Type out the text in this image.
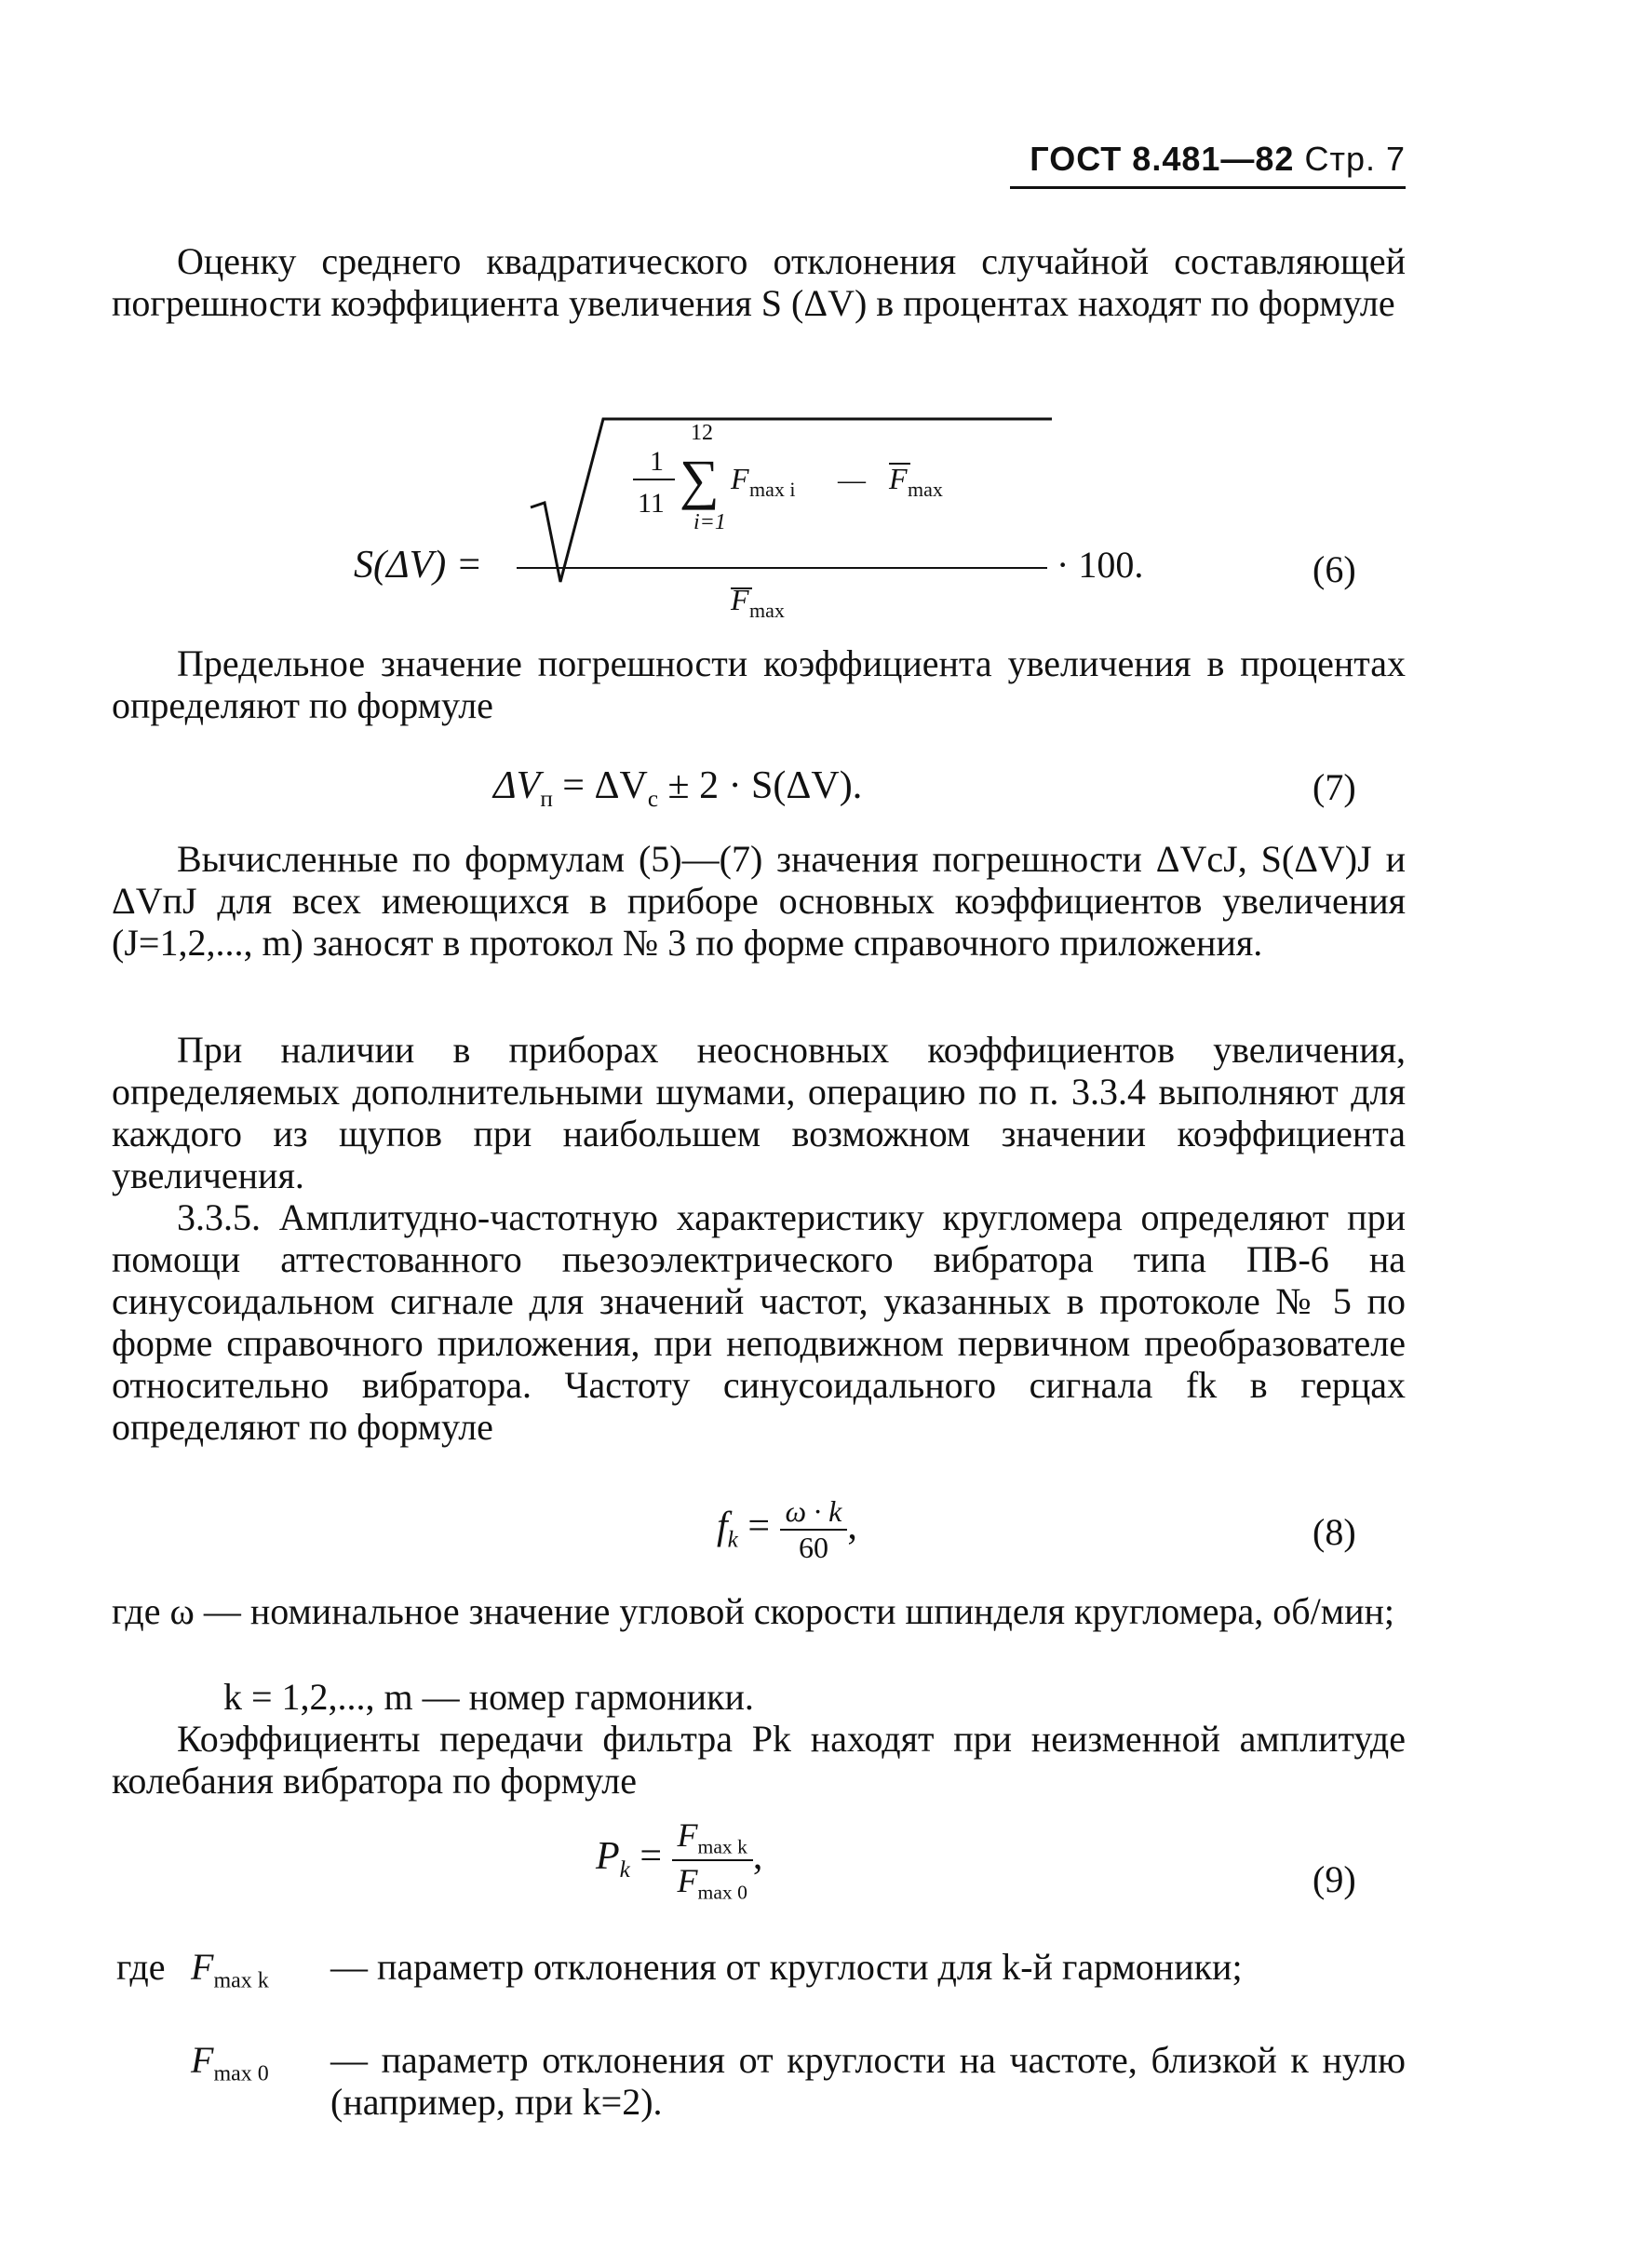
ГОСТ 8.481—82 Стр. 7

Оценку среднего квадратического отклонения случайной составляющей погрешности коэффициента увеличения S (ΔV) в процентах находят по формуле

S(ΔV) =
1
11
12
∑
i=1
F max i — F max
F max
· 100.	(6)

Предельное значение погрешности коэффициента увеличения в процентах определяют по формуле

$\Delta V_п = \Delta V_с \pm 2 \cdot S(\Delta V)$.	(7)

Вычисленные по формулам (5)—(7) значения погрешности ΔVcJ, S(ΔV)J и ΔVпJ для всех имеющихся в приборе основных коэффициентов увеличения (J=1,2,..., m) заносят в протокол № 3 по форме справочного приложения.

При наличии в приборах неосновных коэффициентов увеличения, определяемых дополнительными шумами, операцию по п. 3.3.4 выполняют для каждого из щупов при наибольшем возможном значении коэффициента увеличения.

3.3.5. Амплитудно-частотную характеристику кругломера определяют при помощи аттестованного пьезоэлектрического вибратора типа ПВ-6 на синусоидальном сигнале для значений частот, указанных в протоколе № 5 по форме справочного приложения, при неподвижном первичном преобразователе относительно вибратора. Частоту синусоидального сигнала fk в герцах определяют по формуле

$f_k = \frac{\omega \cdot k}{60}$ ,	(8)

где ω — номинальное значение угловой скорости шпинделя кругломера, об/мин;

k = 1,2,..., m — номер гармоники.

Коэффициенты передачи фильтра Pk находят при неизменной амплитуде колебания вибратора по формуле

$P_k = \frac{F_{max k}}{F_{max 0}}$ ,
(9)
где $F_{max k}$ — параметр отклонения от круглости для k-й гармоники;

$F_{max 0}$ — параметр отклонения от круглости на частоте, близкой к нулю (например, при k=2).
